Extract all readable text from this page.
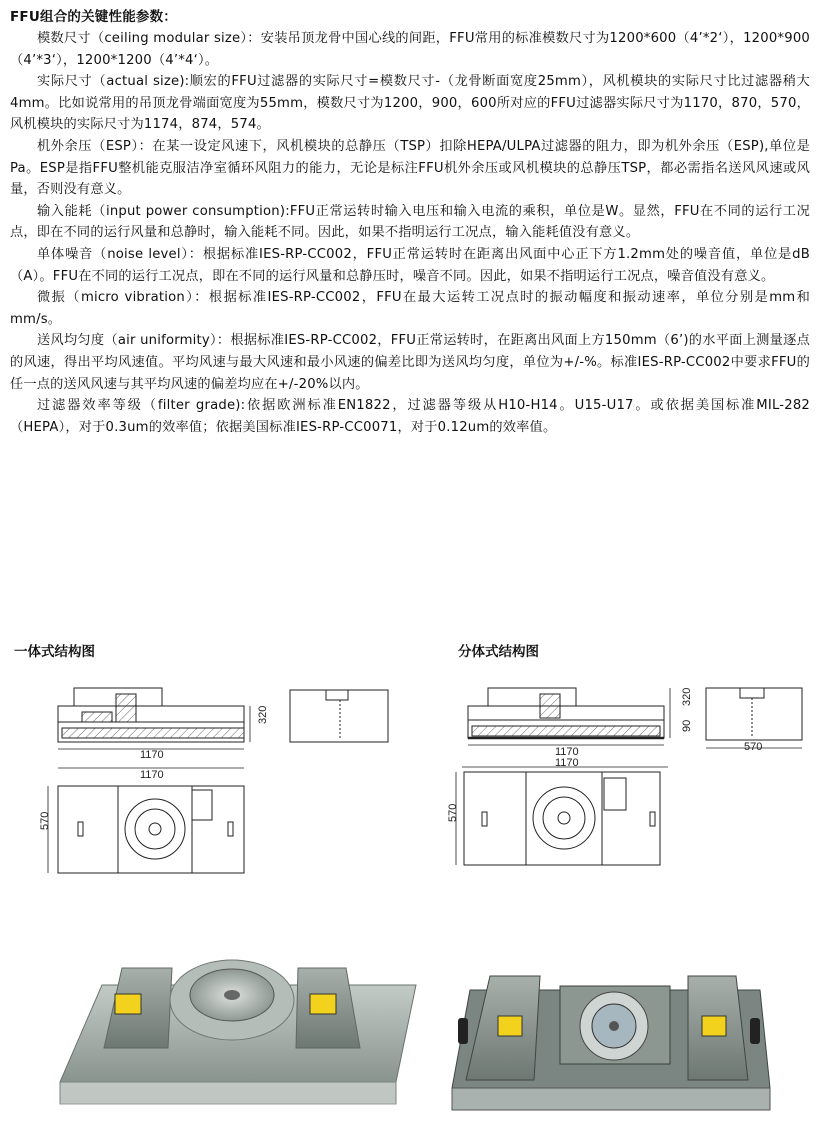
FFU组合的关键性能参数：

模数尺寸（ceiling modular size）：安装吊顶龙骨中国心线的间距，FFU常用的标准模数尺寸为1200*600（4’*2‘），1200*900（4’*3‘），1200*1200（4’*4‘）。

实际尺寸（actual size):顺宏的FFU过滤器的实际尺寸=模数尺寸-（龙骨断面宽度25mm），风机模块的实际尺寸比过滤器稍大4mm。比如说常用的吊顶龙骨端面宽度为55mm，模数尺寸为1200，900，600所对应的FFU过滤器实际尺寸为1170，870，570，风机模块的实际尺寸为1174，874，574。

机外余压（ESP）：在某一设定风速下，风机模块的总静压（TSP）扣除HEPA/ULPA过滤器的阻力，即为机外余压（ESP),单位是Pa。ESP是指FFU整机能克服洁净室循环风阻力的能力，无论是标注FFU机外余压或风机模块的总静压TSP，都必需指名送风风速或风量，否则没有意义。

输入能耗（input power consumption):FFU正常运转时输入电压和输入电流的乘积，单位是W。显然，FFU在不同的运行工况点，即在不同的运行风量和总静时，输入能耗不同。因此，如果不指明运行工况点，输入能耗值没有意义。

单体噪音（noise level）：根据标准IES-RP-CC002，FFU正常运转时在距离出风面中心正下方1.2mm处的噪音值，单位是dB（A）。FFU在不同的运行工况点，即在不同的运行风量和总静压时，噪音不同。因此，如果不指明运行工况点，噪音值没有意义。

微振（micro vibration）：根据标准IES-RP-CC002，FFU在最大运转工况点时的振动幅度和振动速率，单位分别是mm和mm/s。

送风均匀度（air uniformity）：根据标准IES-RP-CC002，FFU正常运转时，在距离出风面上方150mm（6’)的水平面上测量逐点的风速，得出平均风速值。平均风速与最大风速和最小风速的偏差比即为送风均匀度，单位为+/-%。标准IES-RP-CC002中要求FFU的任一点的送风风速与其平均风速的偏差均应在+/-20%以内。

过滤器效率等级（filter grade):依据欧洲标准EN1822，过滤器等级从H10-H14。U15-U17。或依据美国标准MIL-282（HEPA），对于0.3um的效率值；依据美国标准IES-RP-CC0071，对于0.12um的效率值。

一体式结构图	分体式结构图
320
1170
1170
570
320
90
1170
1170
570
570
